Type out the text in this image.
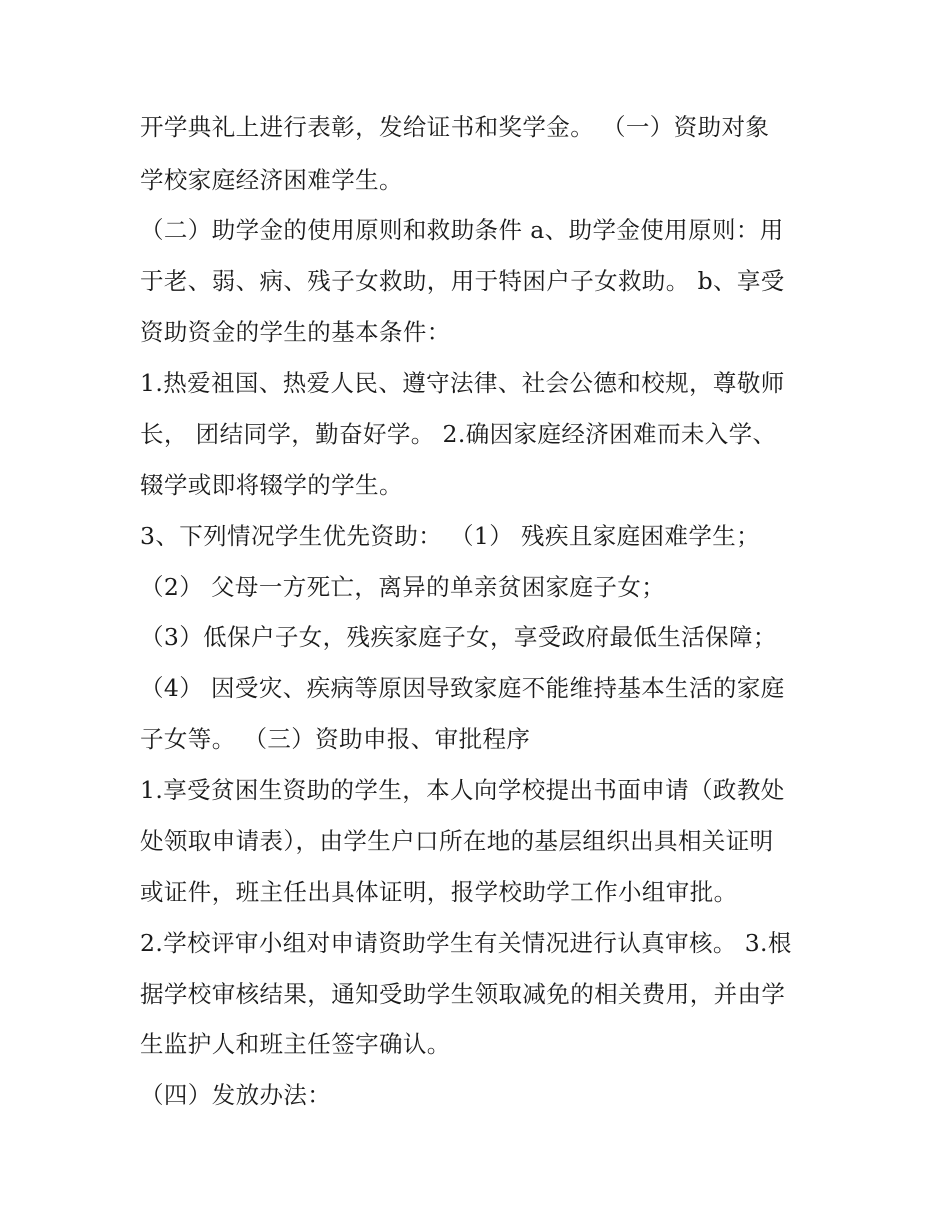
开学典礼上进行表彰，发给证书和奖学金。 （一）资助对象

学校家庭经济困难学生。

（二）助学金的使用原则和救助条件 a、助学金使用原则：用

于老、弱、病、残子女救助，用于特困户子女救助。 b、享受

资助资金的学生的基本条件：

1.热爱祖国、热爱人民、遵守法律、社会公德和校规，尊敬师

长， 团结同学，勤奋好学。 2.确因家庭经济困难而未入学、

辍学或即将辍学的学生。

3、下列情况学生优先资助： （1） 残疾且家庭困难学生；

（2） 父母一方死亡，离异的单亲贫困家庭子女；

（3）低保户子女，残疾家庭子女，享受政府最低生活保障；

（4） 因受灾、疾病等原因导致家庭不能维持基本生活的家庭

子女等。 （三）资助申报、审批程序

1.享受贫困生资助的学生，本人向学校提出书面申请（政教处

处领取申请表），由学生户口所在地的基层组织出具相关证明

或证件，班主任出具体证明，报学校助学工作小组审批。

2.学校评审小组对申请资助学生有关情况进行认真审核。 3.根

据学校审核结果，通知受助学生领取减免的相关费用，并由学

生监护人和班主任签字确认。

（四）发放办法：
